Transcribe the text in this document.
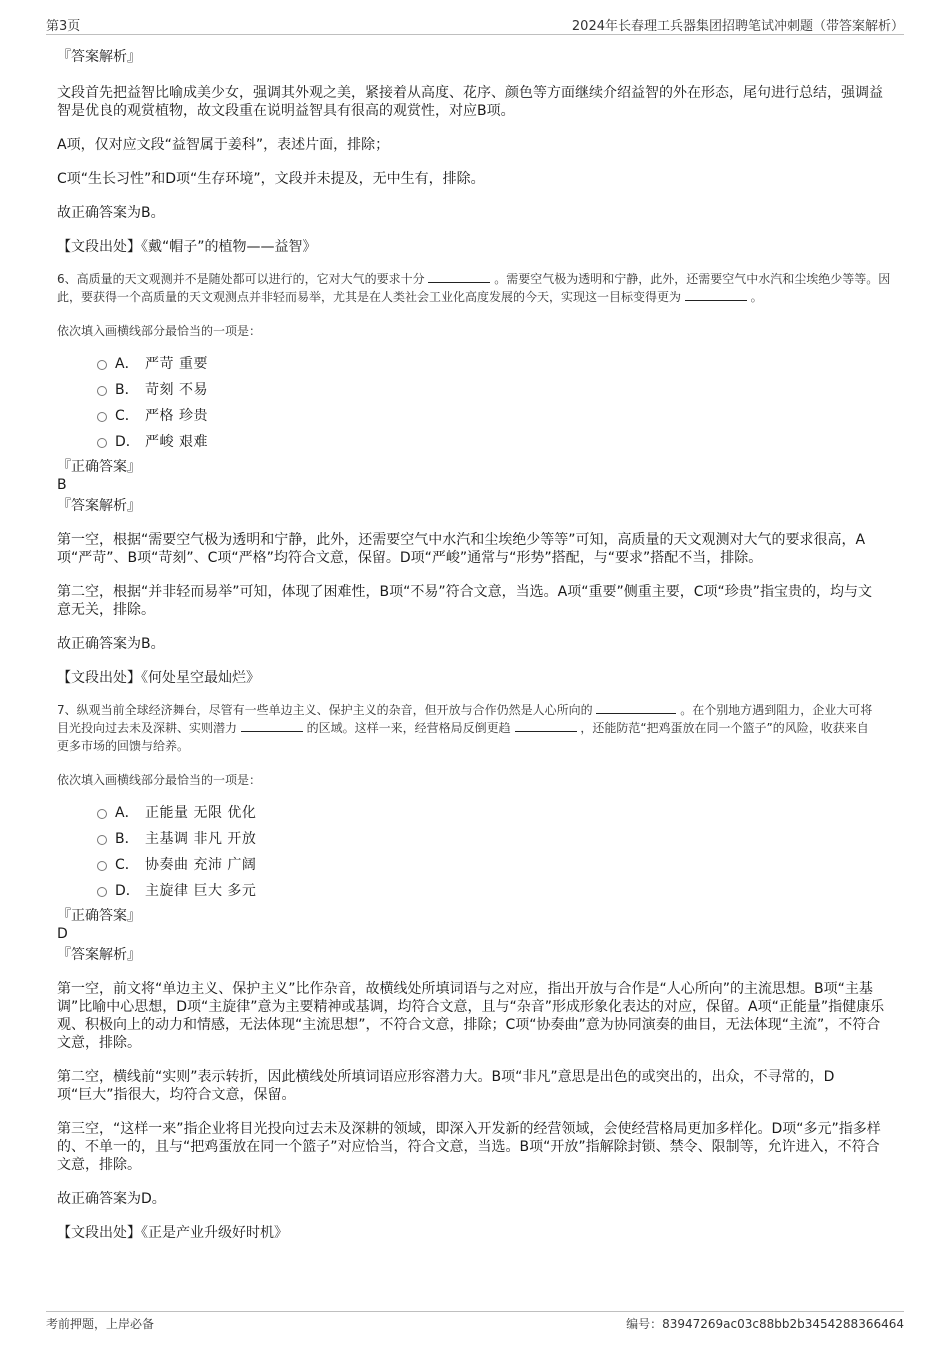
第3页	2024年长春理工兵器集团招聘笔试冲刺题（带答案解析）
『答案解析』
文段首先把益智比喻成美少女，强调其外观之美，紧接着从高度、花序、颜色等方面继续介绍益智的外在形态，尾句进行总结，强调益智是优良的观赏植物，故文段重在说明益智具有很高的观赏性，对应B项。
A项，仅对应文段“益智属于姜科”，表述片面，排除；
C项“生长习性”和D项“生存环境”，文段并未提及，无中生有，排除。
故正确答案为B。
【文段出处】《戴“帽子”的植物——益智》
6、高质量的天文观测并不是随处都可以进行的，它对大气的要求十分	。需要空气极为透明和宁静，此外，还需要空气中水汽和尘埃绝少等等。因此，要获得一个高质量的天文观测点并非轻而易举，尤其是在人类社会工业化高度发展的今天，实现这一目标变得更为	。
依次填入画横线部分最恰当的一项是：
A． 严苛 重要
B． 苛刻 不易
C． 严格 珍贵
D． 严峻 艰难
『正确答案』
B
『答案解析』
第一空，根据“需要空气极为透明和宁静，此外，还需要空气中水汽和尘埃绝少等等”可知，高质量的天文观测对大气的要求很高，A项“严苛”、B项“苛刻”、C项“严格”均符合文意，保留。D项“严峻”通常与“形势”搭配，与“要求”搭配不当，排除。
第二空，根据“并非轻而易举”可知，体现了困难性，B项“不易”符合文意，当选。A项“重要”侧重主要，C项“珍贵”指宝贵的，均与文意无关，排除。
故正确答案为B。
【文段出处】《何处星空最灿烂》
7、纵观当前全球经济舞台，尽管有一些单边主义、保护主义的杂音，但开放与合作仍然是人心所向的	。在个别地方遇到阻力，企业大可将目光投向过去未及深耕、实则潜力	的区域。这样一来，经营格局反倒更趋	，还能防范“把鸡蛋放在同一个篮子”的风险，收获来自更多市场的回馈与给养。
依次填入画横线部分最恰当的一项是：
A． 正能量 无限 优化
B． 主基调 非凡 开放
C． 协奏曲 充沛 广阔
D． 主旋律 巨大 多元
『正确答案』
D
『答案解析』
第一空，前文将“单边主义、保护主义”比作杂音，故横线处所填词语与之对应，指出开放与合作是“人心所向”的主流思想。B项“主基调”比喻中心思想，D项“主旋律”意为主要精神或基调，均符合文意，且与“杂音”形成形象化表达的对应，保留。A项“正能量”指健康乐观、积极向上的动力和情感，无法体现“主流思想”，不符合文意，排除；C项“协奏曲”意为协同演奏的曲目，无法体现“主流”，不符合文意，排除。
第二空，横线前“实则”表示转折，因此横线处所填词语应形容潜力大。B项“非凡”意思是出色的或突出的，出众，不寻常的，D项“巨大”指很大，均符合文意，保留。
第三空，“这样一来”指企业将目光投向过去未及深耕的领域，即深入开发新的经营领域，会使经营格局更加多样化。D项“多元”指多样的、不单一的，且与“把鸡蛋放在同一个篮子”对应恰当，符合文意，当选。B项“开放”指解除封锁、禁令、限制等，允许进入，不符合文意，排除。
故正确答案为D。
【文段出处】《正是产业升级好时机》
考前押题，上岸必备	编号：83947269ac03c88bb2b3454288366464
